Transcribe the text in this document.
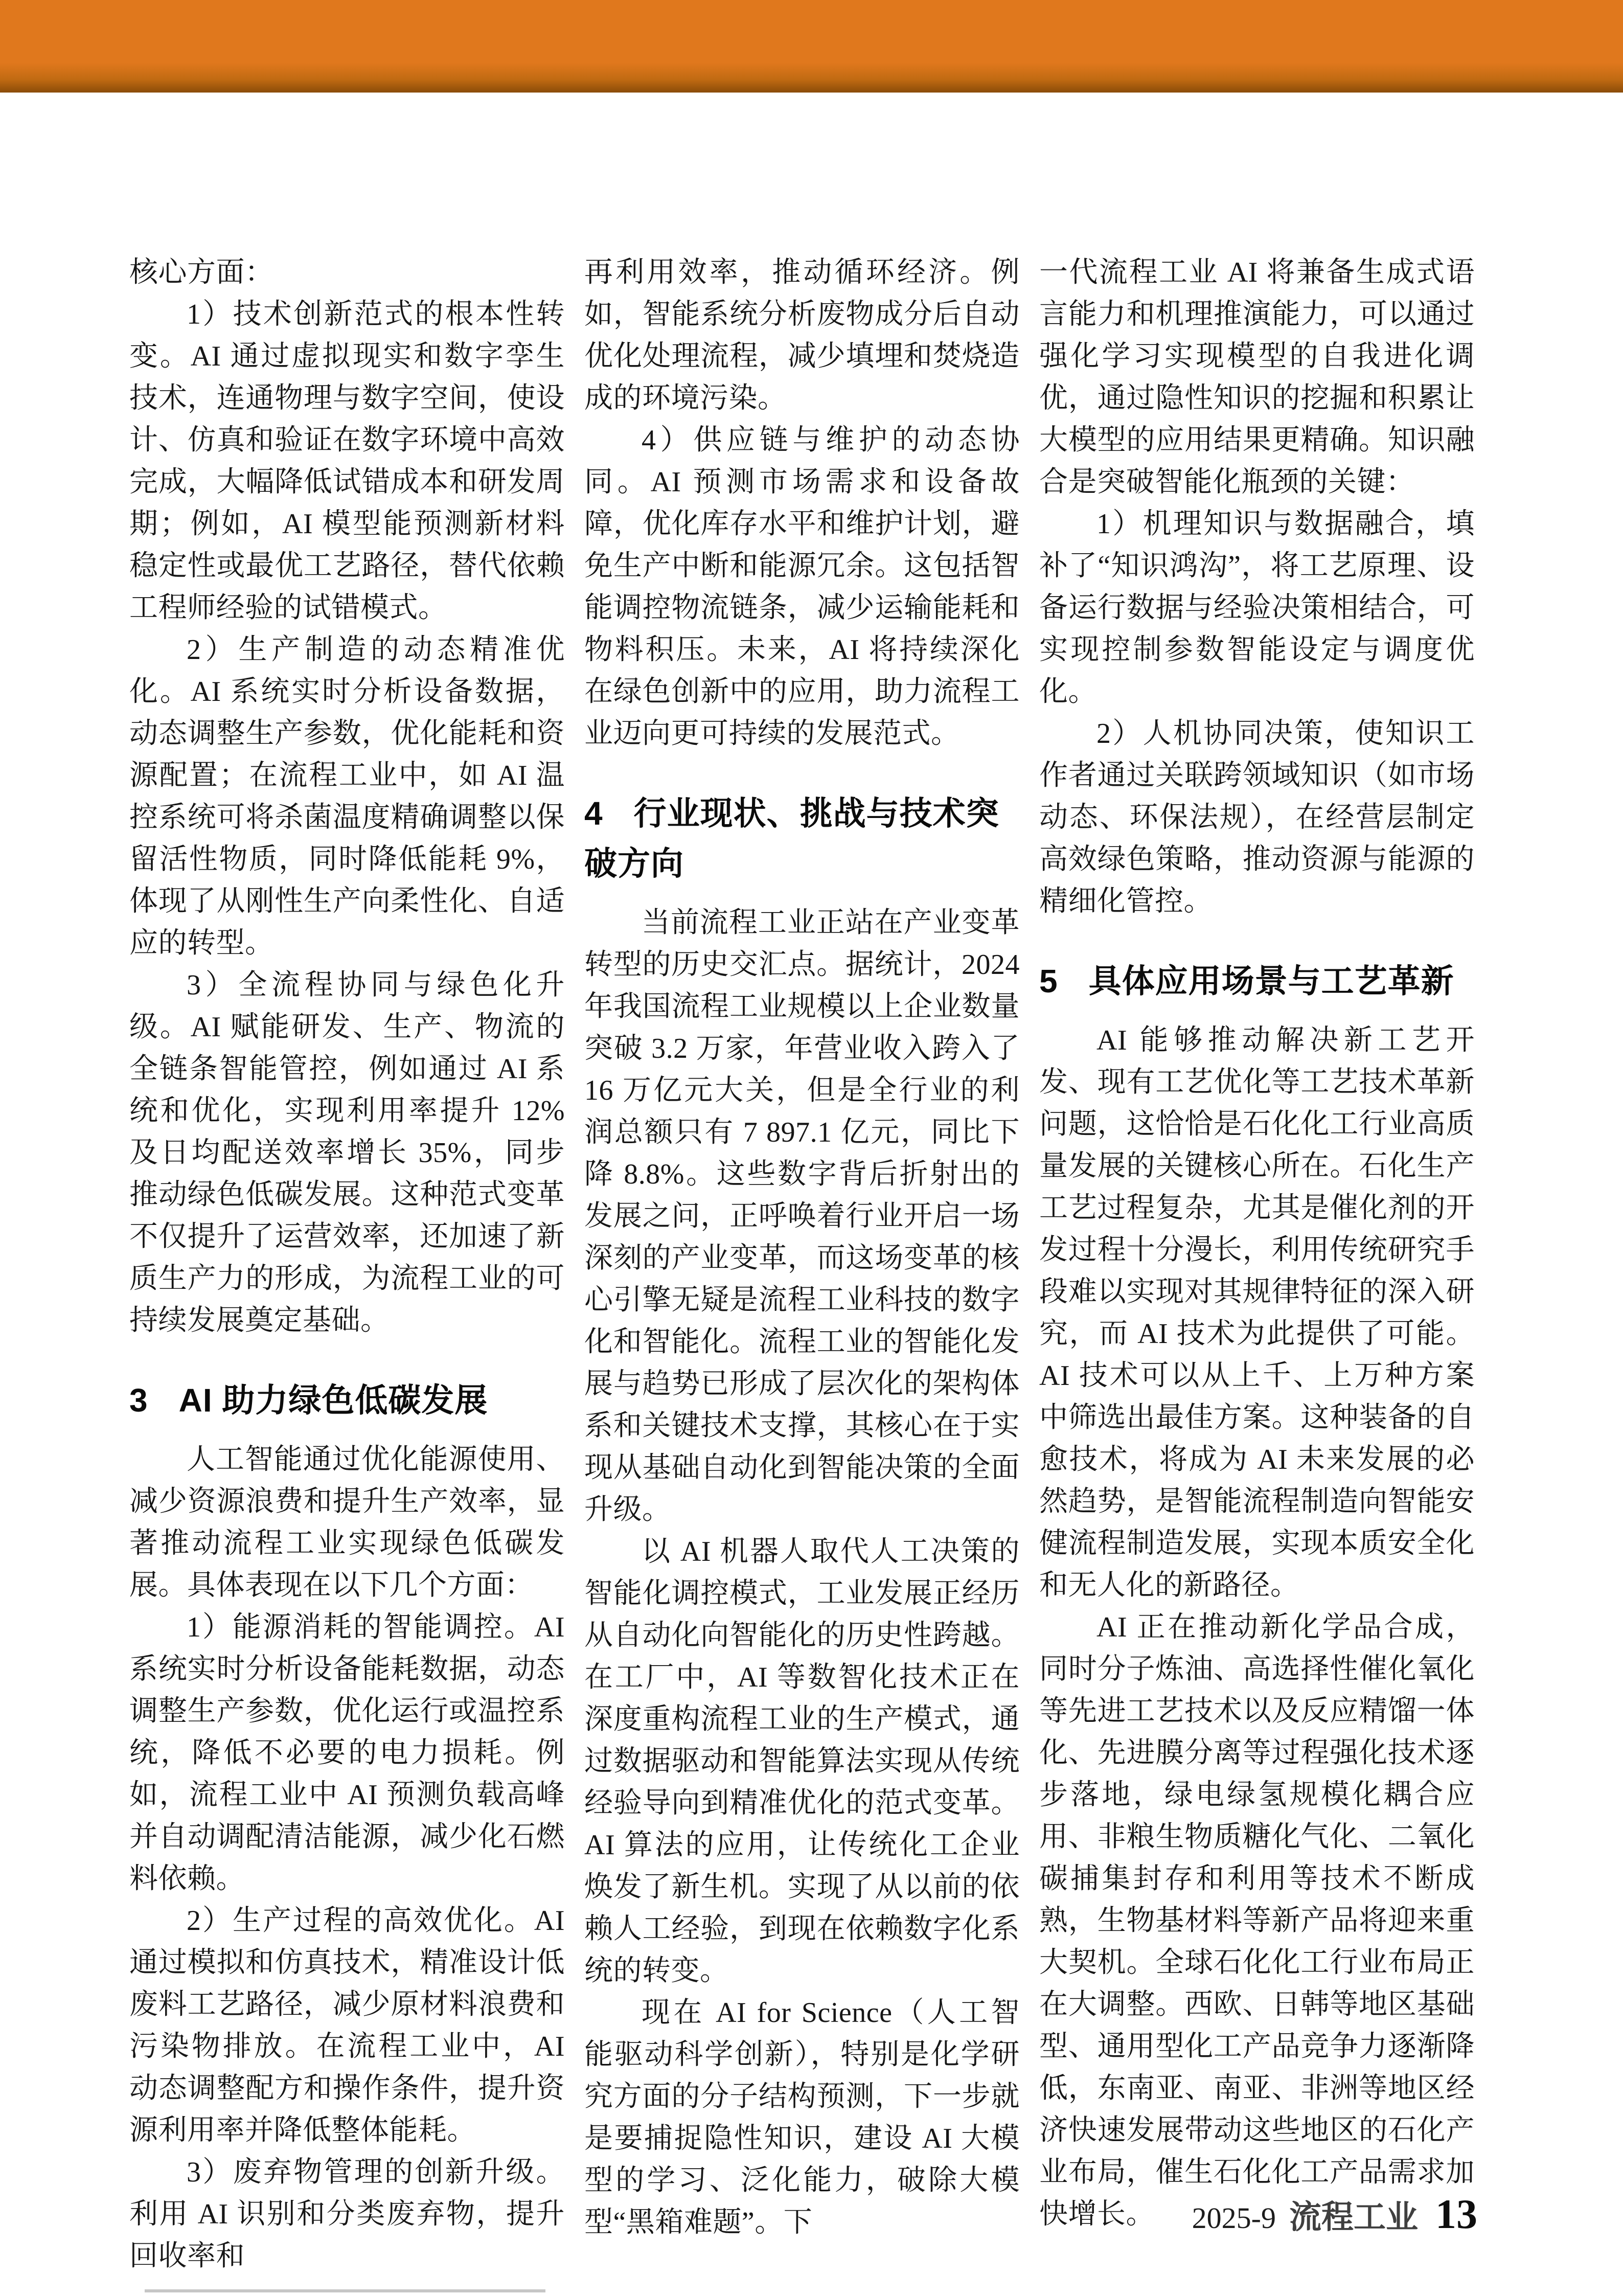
核心方面：

1）技术创新范式的根本性转变。AI 通过虚拟现实和数字孪生技术，连通物理与数字空间，使设计、仿真和验证在数字环境中高效完成，大幅降低试错成本和研发周期；例如，AI 模型能预测新材料稳定性或最优工艺路径，替代依赖工程师经验的试错模式。

2）生产制造的动态精准优化。AI 系统实时分析设备数据，动态调整生产参数，优化能耗和资源配置；在流程工业中，如 AI 温控系统可将杀菌温度精确调整以保留活性物质，同时降低能耗 9%，体现了从刚性生产向柔性化、自适应的转型。

3）全流程协同与绿色化升级。AI 赋能研发、生产、物流的全链条智能管控，例如通过 AI 系统和优化，实现利用率提升 12% 及日均配送效率增长 35%，同步推动绿色低碳发展。这种范式变革不仅提升了运营效率，还加速了新质生产力的形成，为流程工业的可持续发展奠定基础。

3 AI 助力绿色低碳发展

人工智能通过优化能源使用、减少资源浪费和提升生产效率，显著推动流程工业实现绿色低碳发展。具体表现在以下几个方面：

1）能源消耗的智能调控。AI 系统实时分析设备能耗数据，动态调整生产参数，优化运行或温控系统，降低不必要的电力损耗。例如，流程工业中 AI 预测负载高峰并自动调配清洁能源，减少化石燃料依赖。

2）生产过程的高效优化。AI 通过模拟和仿真技术，精准设计低废料工艺路径，减少原材料浪费和污染物排放。在流程工业中，AI 动态调整配方和操作条件，提升资源利用率并降低整体能耗。

3）废弃物管理的创新升级。利用 AI 识别和分类废弃物，提升回收率和

再利用效率，推动循环经济。例如，智能系统分析废物成分后自动优化处理流程，减少填埋和焚烧造成的环境污染。

4）供应链与维护的动态协同。AI 预测市场需求和设备故障，优化库存水平和维护计划，避免生产中断和能源冗余。这包括智能调控物流链条，减少运输能耗和物料积压。未来，AI 将持续深化在绿色创新中的应用，助力流程工业迈向更可持续的发展范式。

4 行业现状、挑战与技术突破方向

当前流程工业正站在产业变革转型的历史交汇点。据统计，2024 年我国流程工业规模以上企业数量突破 3.2 万家，年营业收入跨入了 16 万亿元大关，但是全行业的利润总额只有 7 897.1 亿元，同比下降 8.8%。这些数字背后折射出的发展之问，正呼唤着行业开启一场深刻的产业变革，而这场变革的核心引擎无疑是流程工业科技的数字化和智能化。流程工业的智能化发展与趋势已形成了层次化的架构体系和关键技术支撑，其核心在于实现从基础自动化到智能决策的全面升级。

以 AI 机器人取代人工决策的智能化调控模式，工业发展正经历从自动化向智能化的历史性跨越。在工厂中，AI 等数智化技术正在深度重构流程工业的生产模式，通过数据驱动和智能算法实现从传统经验导向到精准优化的范式变革。AI 算法的应用，让传统化工企业焕发了新生机。实现了从以前的依赖人工经验，到现在依赖数字化系统的转变。

现在 AI for Science（人工智能驱动科学创新），特别是化学研究方面的分子结构预测，下一步就是要捕捉隐性知识，建设 AI 大模型的学习、泛化能力，破除大模型“黑箱难题”。下

一代流程工业 AI 将兼备生成式语言能力和机理推演能力，可以通过强化学习实现模型的自我进化调优，通过隐性知识的挖掘和积累让大模型的应用结果更精确。知识融合是突破智能化瓶颈的关键：

1）机理知识与数据融合，填补了“知识鸿沟”，将工艺原理、设备运行数据与经验决策相结合，可实现控制参数智能设定与调度优化。

2）人机协同决策，使知识工作者通过关联跨领域知识（如市场动态、环保法规），在经营层制定高效绿色策略，推动资源与能源的精细化管控。

5 具体应用场景与工艺革新

AI 能够推动解决新工艺开发、现有工艺优化等工艺技术革新问题，这恰恰是石化化工行业高质量发展的关键核心所在。石化生产工艺过程复杂，尤其是催化剂的开发过程十分漫长，利用传统研究手段难以实现对其规律特征的深入研究，而 AI 技术为此提供了可能。AI 技术可以从上千、上万种方案中筛选出最佳方案。这种装备的自愈技术，将成为 AI 未来发展的必然趋势，是智能流程制造向智能安健流程制造发展，实现本质安全化和无人化的新路径。

AI 正在推动新化学品合成，同时分子炼油、高选择性催化氧化等先进工艺技术以及反应精馏一体化、先进膜分离等过程强化技术逐步落地，绿电绿氢规模化耦合应用、非粮生物质糖化气化、二氧化碳捕集封存和利用等技术不断成熟，生物基材料等新产品将迎来重大契机。全球石化化工行业布局正在大调整。西欧、日韩等地区基础型、通用型化工产品竞争力逐渐降低，东南亚、南亚、非洲等地区经济快速发展带动这些地区的石化产业布局，催生石化化工产品需求加快增长。	2025-9 流程工业 13
